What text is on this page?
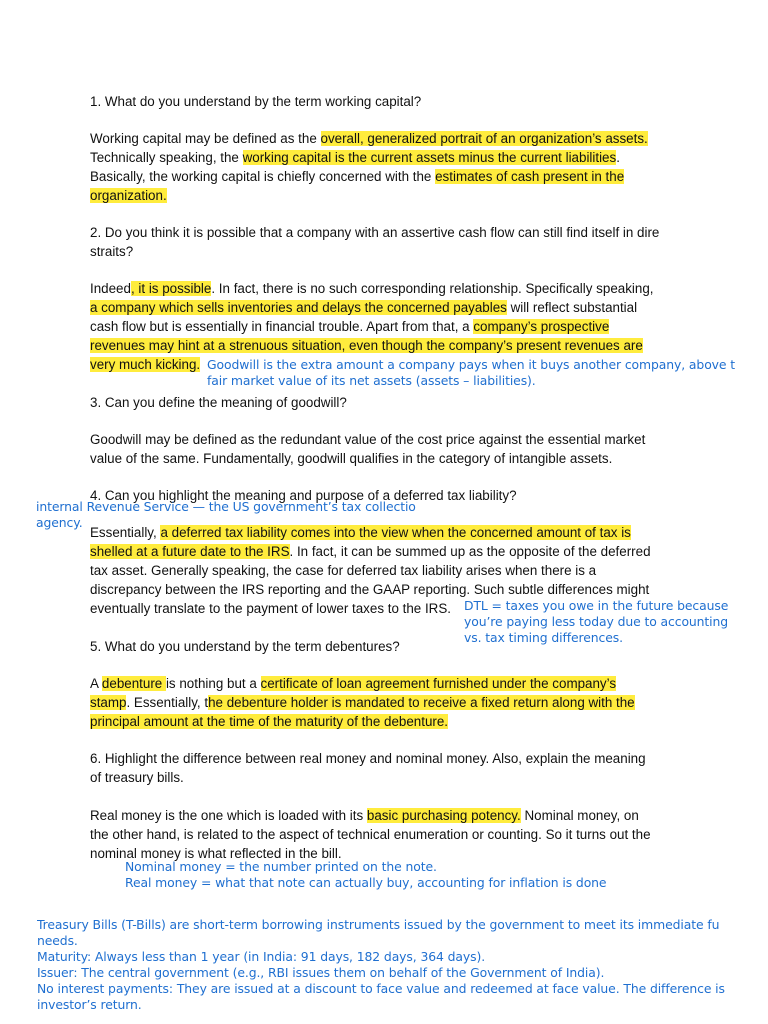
1. What do you understand by the term working capital?
Working capital may be defined as the overall, generalized portrait of an organization’s assets.
Technically speaking, the working capital is the current assets minus the current liabilities.
Basically, the working capital is chiefly concerned with the estimates of cash present in the
organization.
2. Do you think it is possible that a company with an assertive cash flow can still find itself in dire
straits?
Indeed, it is possible. In fact, there is no such corresponding relationship. Specifically speaking,
a company which sells inventories and delays the concerned payables will reflect substantial
cash flow but is essentially in financial trouble. Apart from that, a company’s prospective
revenues may hint at a strenuous situation, even though the company’s present revenues are
very much kicking.
3. Can you define the meaning of goodwill?
Goodwill may be defined as the redundant value of the cost price against the essential market
value of the same. Fundamentally, goodwill qualifies in the category of intangible assets.
4. Can you highlight the meaning and purpose of a deferred tax liability?
Essentially, a deferred tax liability comes into the view when the concerned amount of tax is
shelled at a future date to the IRS. In fact, it can be summed up as the opposite of the deferred
tax asset. Generally speaking, the case for deferred tax liability arises when there is a
discrepancy between the IRS reporting and the GAAP reporting. Such subtle differences might
eventually translate to the payment of lower taxes to the IRS.
5. What do you understand by the term debentures?
A debenture is nothing but a certificate of loan agreement furnished under the company’s
stamp. Essentially, the debenture holder is mandated to receive a fixed return along with the
principal amount at the time of the maturity of the debenture.
6. Highlight the difference between real money and nominal money. Also, explain the meaning
of treasury bills.
Real money is the one which is loaded with its basic purchasing potency. Nominal money, on
the other hand, is related to the aspect of technical enumeration or counting. So it turns out the
nominal money is what reflected in the bill.
Goodwill is the extra amount a company pays when it buys another company, above t
fair market value of its net assets (assets – liabilities).
internal Revenue Service — the US government’s tax collectio
agency.
DTL = taxes you owe in the future because
you’re paying less today due to accounting
vs. tax timing differences.
Nominal money = the number printed on the note.
Real money = what that note can actually buy, accounting for inflation is done
Treasury Bills (T-Bills) are short-term borrowing instruments issued by the government to meet its immediate fu
needs.
Maturity: Always less than 1 year (in India: 91 days, 182 days, 364 days).
Issuer: The central government (e.g., RBI issues them on behalf of the Government of India).
No interest payments: They are issued at a discount to face value and redeemed at face value. The difference is
investor’s return.
